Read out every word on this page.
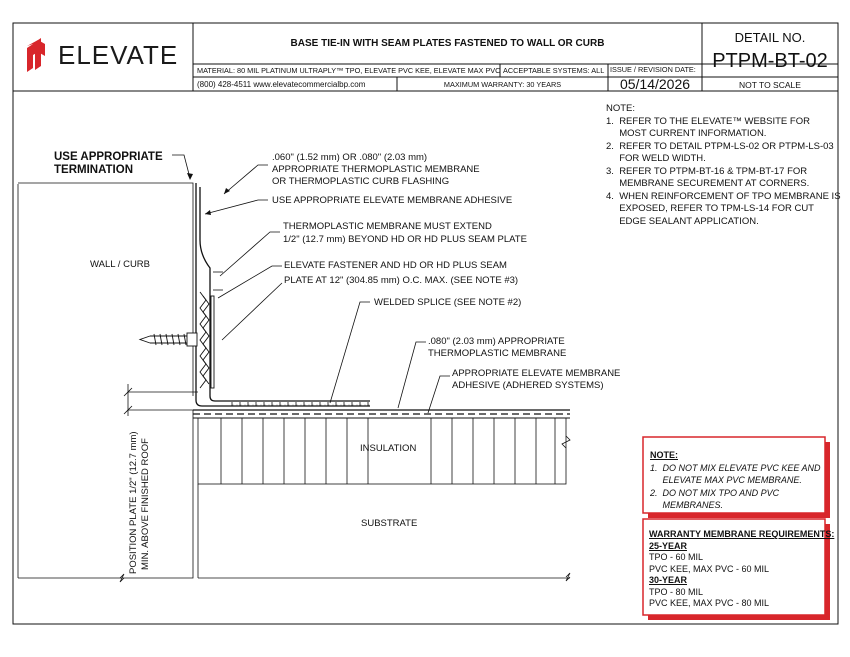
ELEVATE	BASE TIE-IN WITH SEAM PLATES FASTENED TO WALL OR CURB
MATERIAL: 80 MIL PLATINUM ULTRAPLY™ TPO, ELEVATE PVC KEE, ELEVATE MAX PVC ACCEPTABLE SYSTEMS: ALL ISSUE / REVISION DATE:
05/14/2026
(800) 428-4511 www.elevatecommercialbp.com	MAXIMUM WARRANTY: 30 YEARS
DETAIL NO.
PTPM-BT-02
NOT TO SCALE
NOTE:
1.  REFER TO THE ELEVATE™ WEBSITE FOR
MOST CURRENT INFORMATION.
2.  REFER TO DETAIL PTPM-LS-02 OR PTPM-LS-03
FOR WELD WIDTH.
3.  REFER TO PTPM-BT-16 & TPM-BT-17 FOR
MEMBRANE SECUREMENT AT CORNERS.
4.  WHEN REINFORCEMENT OF TPO MEMBRANE IS
EXPOSED, REFER TO TPM-LS-14 FOR CUT
EDGE SEALANT APPLICATION.
USE APPROPRIATE
TERMINATION
WALL / CURB
.060" (1.52 mm) OR .080" (2.03 mm)
APPROPRIATE THERMOPLASTIC MEMBRANE
OR THERMOPLASTIC CURB FLASHING
USE APPROPRIATE ELEVATE MEMBRANE ADHESIVE
THERMOPLASTIC MEMBRANE MUST EXTEND
1/2" (12.7 mm) BEYOND HD OR HD PLUS SEAM PLATE
ELEVATE FASTENER AND HD OR HD PLUS SEAM
PLATE AT 12" (304.85 mm) O.C. MAX. (SEE NOTE #3)
WELDED SPLICE (SEE NOTE #2)
.080" (2.03 mm) APPROPRIATE
THERMOPLASTIC MEMBRANE
APPROPRIATE ELEVATE MEMBRANE
ADHESIVE (ADHERED SYSTEMS)
INSULATION
SUBSTRATE
POSITION PLATE 1/2" (12.7 mm) MIN. ABOVE FINISHED ROOF	NOTE:
1.  DO NOT MIX ELEVATE PVC KEE AND
ELEVATE MAX PVC MEMBRANE.
2.  DO NOT MIX TPO AND PVC
MEMBRANES.
WARRANTY MEMBRANE REQUIREMENTS:
25-YEAR
TPO - 60 MIL
PVC KEE, MAX PVC - 60 MIL
30-YEAR
TPO - 80 MIL
PVC KEE, MAX PVC - 80 MIL
